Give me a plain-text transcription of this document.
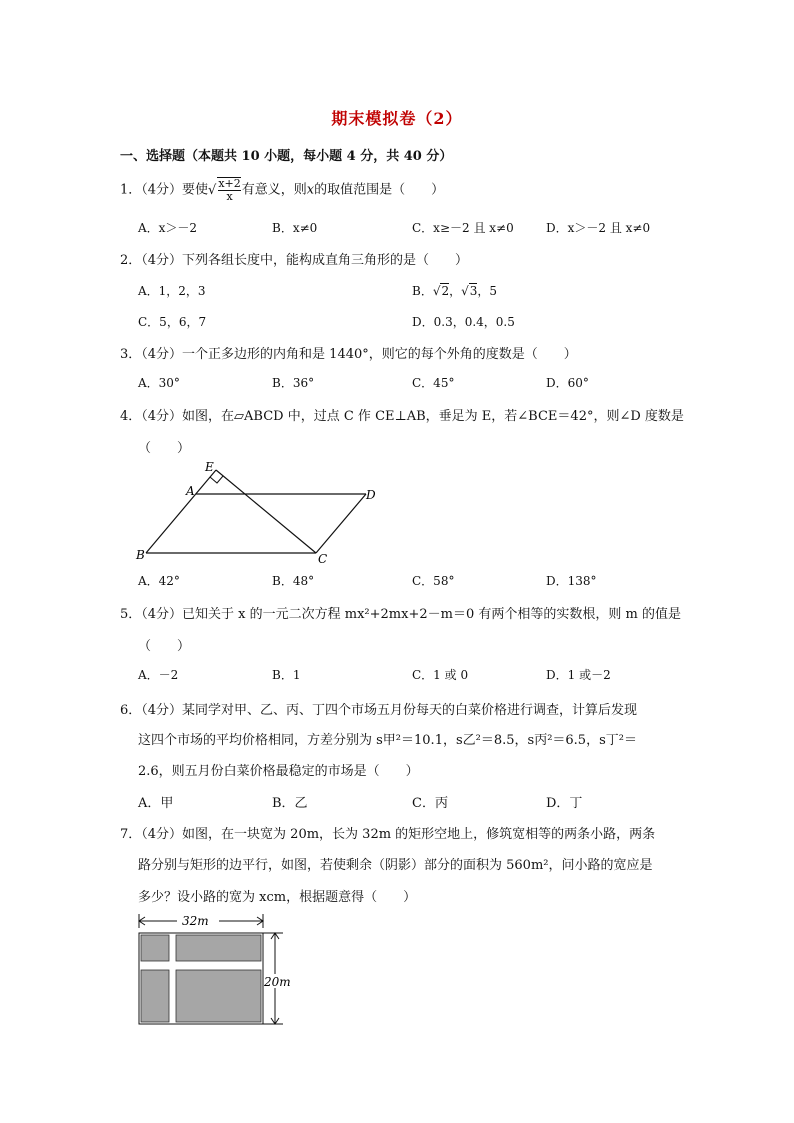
期末模拟卷（2）
一、选择题（本题共 10 小题，每小题 4 分，共 40 分）
1．（4分）要使√ $\frac{x+2}{x}$ 有意义，则x的取值范围是（　　）
A．x＞－2	B．x≠0	C．x≥－2 且 x≠0	D．x＞－2 且 x≠0
2．（4分）下列各组长度中，能构成直角三角形的是（　　）
A．1，2，3	B．√2，√3，5
C．5，6，7	D．0.3，0.4，0.5
3．（4分）一个正多边形的内角和是 1440°，则它的每个外角的度数是（　　）
A．30°	B．36°	C．45°	D．60°
4．（4分）如图，在▱ABCD 中，过点 C 作 CE⊥AB，垂足为 E，若∠BCE＝42°，则∠D 度数是
（　　）
E
A	D
B	C
A．42°	B．48°	C．58°	D．138°
5．（4分）已知关于 x 的一元二次方程 mx²+2mx+2－m＝0 有两个相等的实数根，则 m 的值是
（　　）
A．－2	B．1	C．1 或 0	D．1 或－2
6．（4分）某同学对甲、乙、丙、丁四个市场五月份每天的白菜价格进行调查，计算后发现
这四个市场的平均价格相同，方差分别为 s甲²＝10.1，s乙²＝8.5，s丙²＝6.5，s丁²＝
2.6，则五月份白菜价格最稳定的市场是（　　）
A．甲	B．乙	C．丙	D．丁
7．（4分）如图，在一块宽为 20m，长为 32m 的矩形空地上，修筑宽相等的两条小路，两条
路分别与矩形的边平行，如图，若使剩余（阴影）部分的面积为 560m²，问小路的宽应是
多少？设小路的宽为 xcm，根据题意得（　　）
32m
20m
